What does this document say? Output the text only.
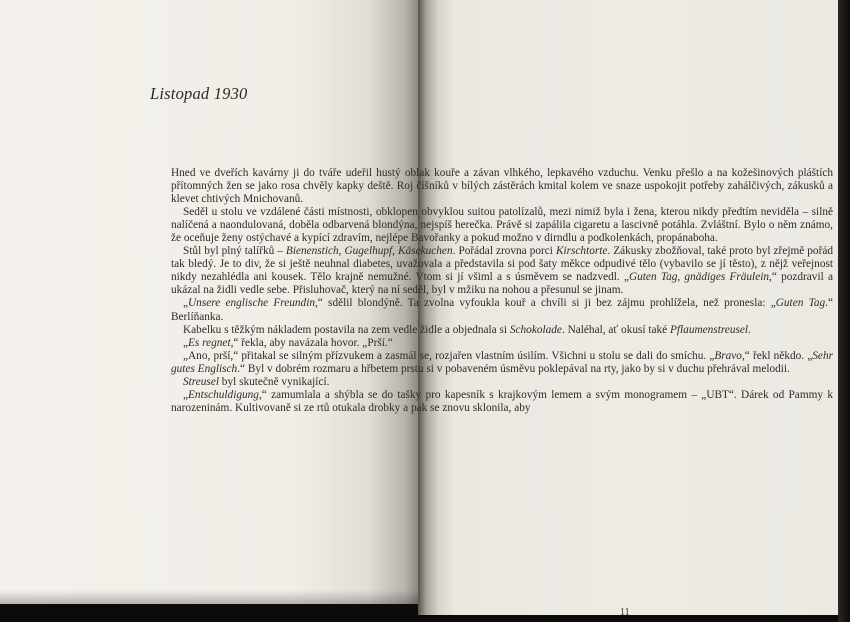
Listopad 1930

Hned ve dveřích kavárny ji do tváře udeřil hustý oblak kouře a závan vlhkého, lepkavého vzduchu. Venku přešlo a na kožešinových pláštích přítomných žen se jako rosa chvěly kapky deště. Roj číšníků v bílých zástěrách kmital kolem ve snaze uspokojit potřeby zahálčivých, zákusků a klevet chtivých Mnichovanů.

Seděl u stolu ve vzdálené části místnosti, obklopen obvyklou suitou patolízalů, mezi nimiž byla i žena, kterou nikdy předtím neviděla – silně nalíčená a naondulovaná, doběla odbarvená blondýna, nejspíš herečka. Právě si zapálila cigaretu a lascivně potáhla. Zvláštní. Bylo o něm známo, že oceňuje ženy ostýchavé a kypící zdravím, nejlépe Bavořanky a pokud možno v dirndlu a podkolenkách, propánaboha.

Stůl byl plný talířků – Bienenstich, Gugelhupf, Käsekuchen. Pořádal zrovna porci Kirschtorte. Zákusky zbožňoval, také proto byl zřejmě pořád tak bledý. Je to div, že si ještě neuhnal diabetes, uvažovala a představila si pod šaty měkce odpudivé tělo (vybavilo se jí těsto), z nějž veřejnost nikdy nezahlédla ani kousek. Tělo krajně nemužné. Vtom si jí všiml a s úsměvem se nadzvedl. „Guten Tag, gnädiges Fräulein,“ pozdravil a ukázal na židli vedle sebe. Přisluhovač, který na ní seděl, byl v mžiku na nohou a přesunul se jinam.

„Unsere englische Freundin,“ sdělil blondýně. Ta zvolna vyfoukla kouř a chvíli si ji bez zájmu prohlížela, než pronesla: „Guten Tag.“ Berlíňanka.

Kabelku s těžkým nákladem postavila na zem vedle židle a objednala si Schokolade. Naléhal, ať okusí také Pflaumenstreusel.

„Es regnet,“ řekla, aby navázala hovor. „Prší.“

„Ano, prší,“ přitakal se silným přízvukem a zasmál se, rozjařen vlastním úsilím. Všichni u stolu se dali do smíchu. „Bravo,“ řekl někdo. „Sehr gutes Englisch.“ Byl v dobrém rozmaru a hřbetem prstu si v pobaveném úsměvu poklepával na rty, jako by si v duchu přehrával melodii.

Streusel byl skutečně vynikající.

„Entschuldigung,“ zamumlala a shýbla se do tašky pro kapesník s krajkovým lemem a svým monogramem – „UBT“. Dárek od Pammy k narozeninám. Kultivovaně si ze rtů otukala drobky a pak se znovu sklonila, aby

11
